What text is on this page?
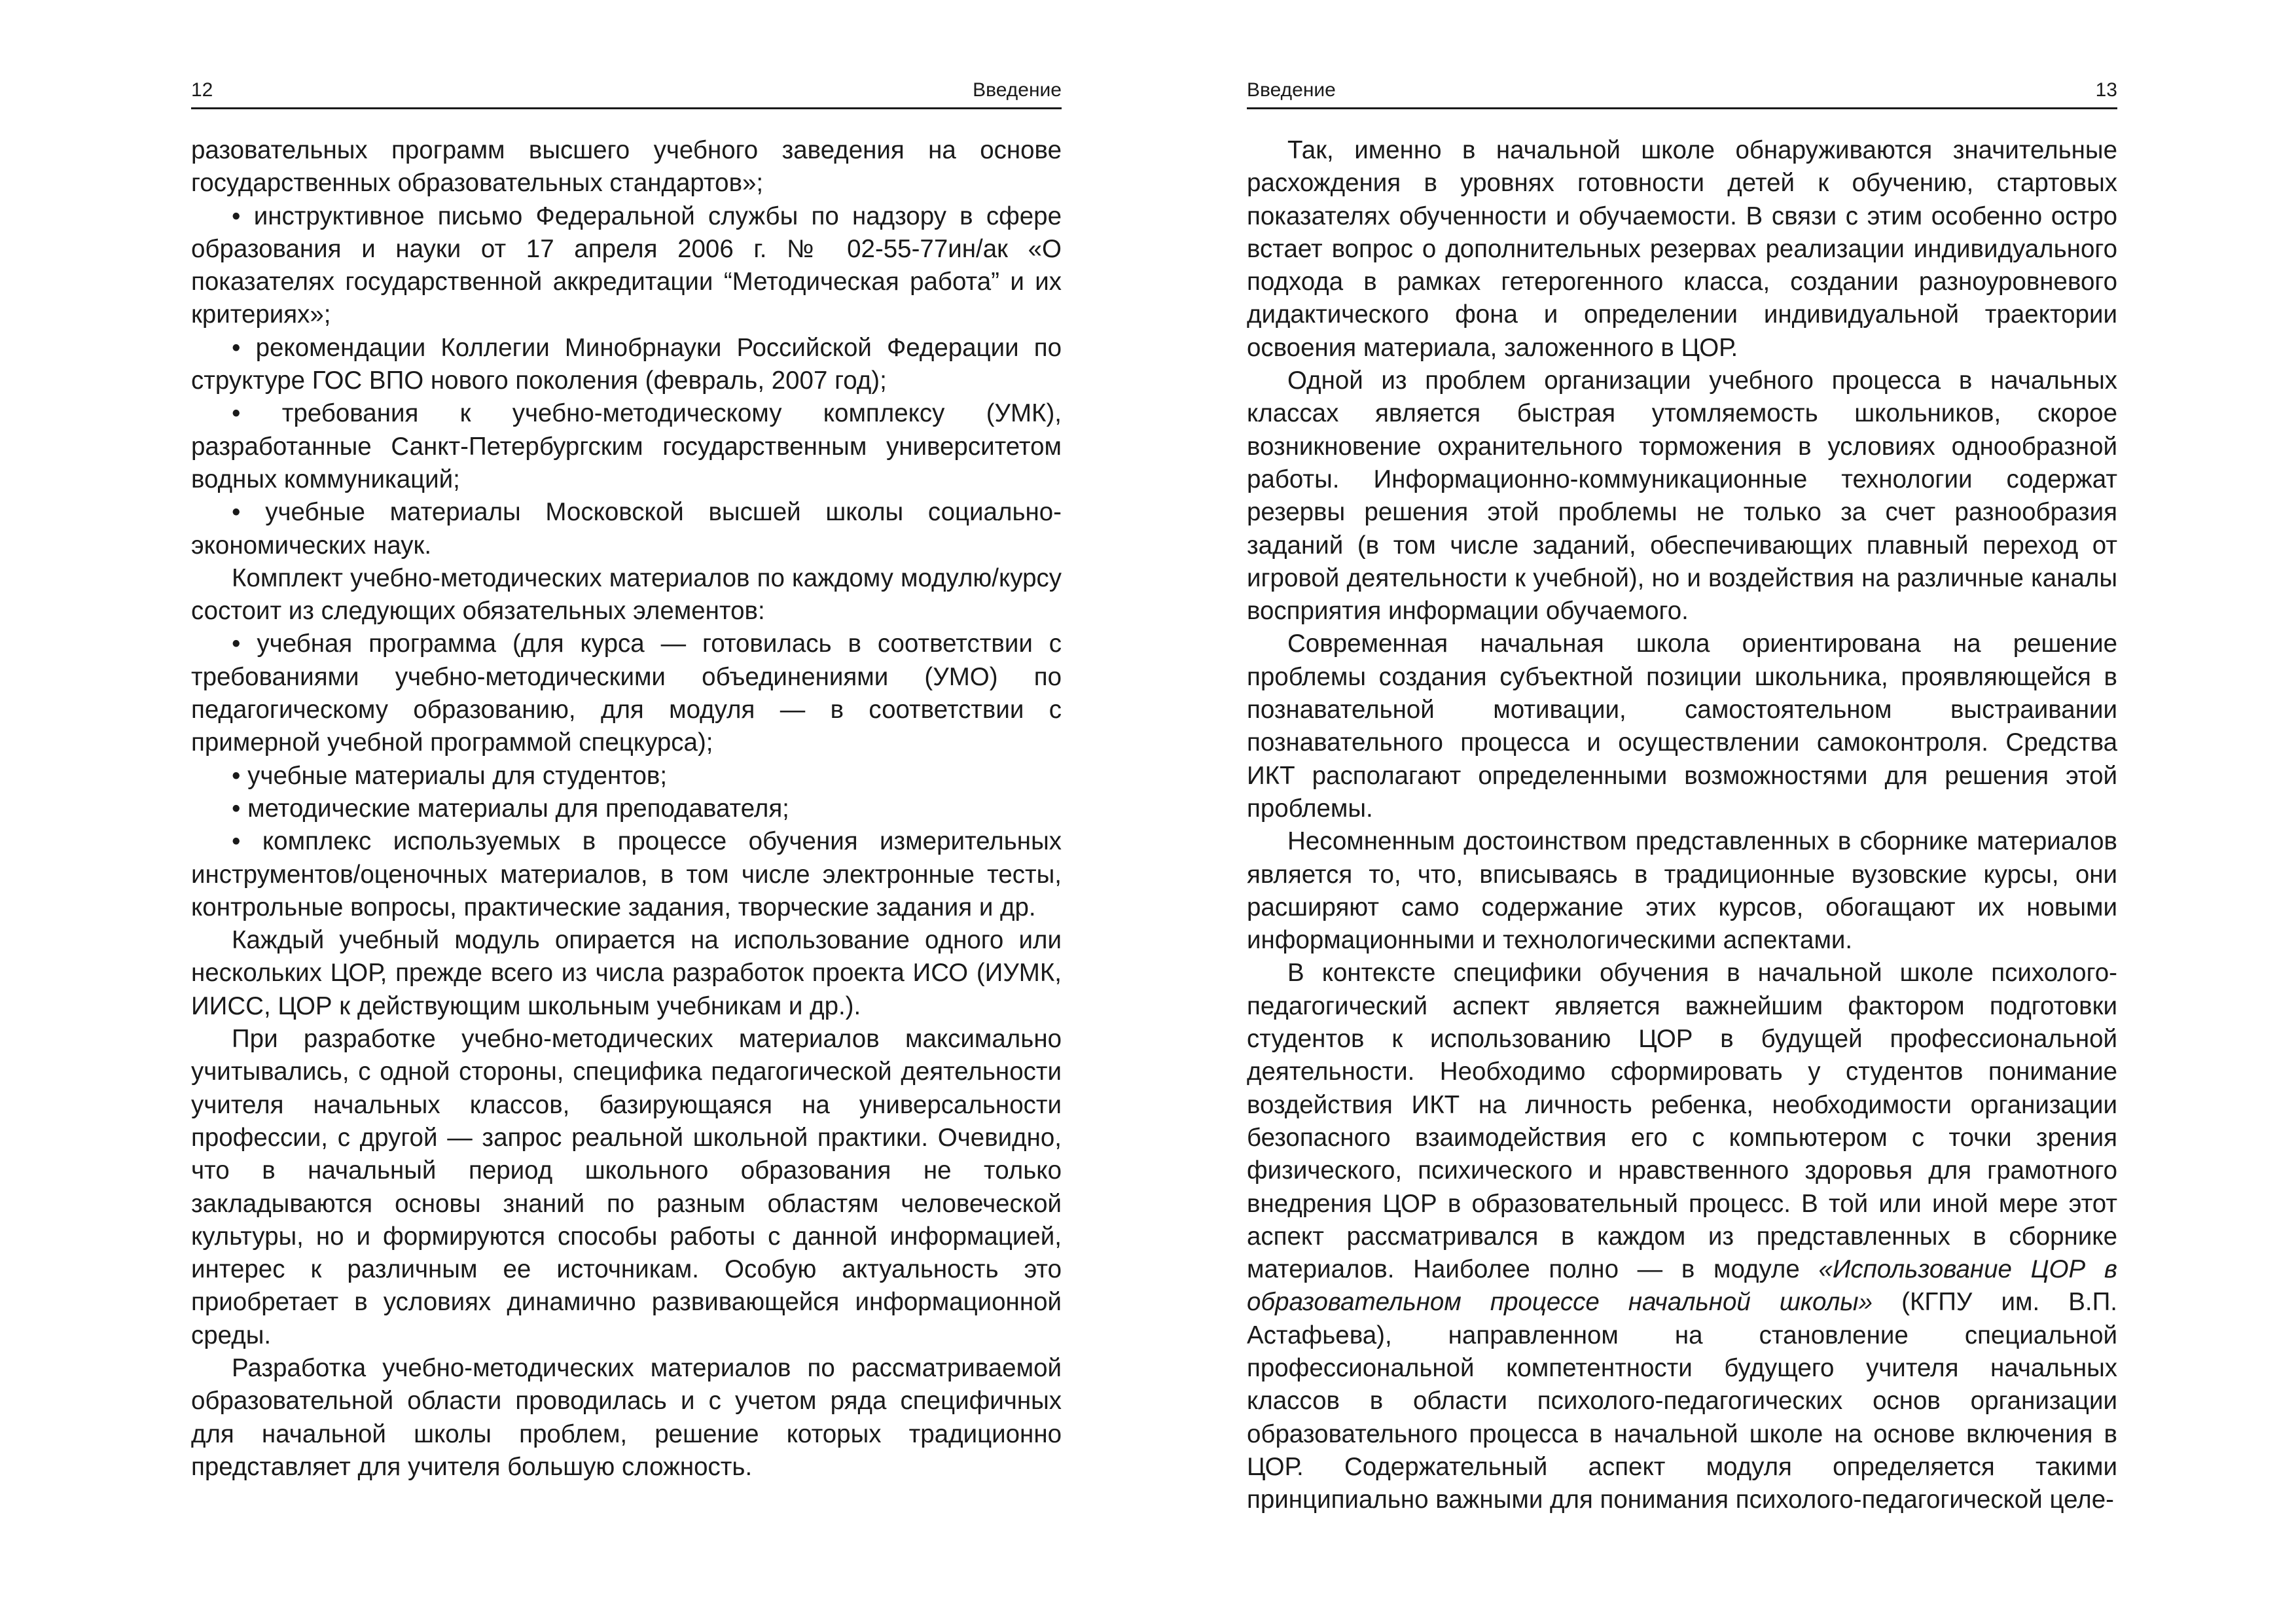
12	Введение

разовательных программ высшего учебного заведения на основе государственных образовательных стандартов»;

• инструктивное письмо Федеральной службы по надзору в сфере образования и науки от 17 апреля 2006 г. № 02-55-77ин/ак «О показателях государственной аккредитации “Методическая работа” и их критериях»;

• рекомендации Коллегии Минобрнауки Российской Федерации по структуре ГОС ВПО нового поколения (февраль, 2007 год);

• требования к учебно-методическому комплексу (УМК), разработанные Санкт-Петербургским государственным университетом водных коммуникаций;

• учебные материалы Московской высшей школы социально-экономических наук.

Комплект учебно-методических материалов по каждому модулю/курсу состоит из следующих обязательных элементов:

• учебная программа (для курса — готовилась в соответствии с требованиями учебно-методическими объединениями (УМО) по педагогическому образованию, для модуля — в соответствии с примерной учебной программой спецкурса);

• учебные материалы для студентов;

• методические материалы для преподавателя;

• комплекс используемых в процессе обучения измерительных инструментов/оценочных материалов, в том числе электронные тесты, контрольные вопросы, практические задания, творческие задания и др.

Каждый учебный модуль опирается на использование одного или нескольких ЦОР, прежде всего из числа разработок проекта ИСО (ИУМК, ИИСС, ЦОР к действующим школьным учебникам и др.).

При разработке учебно-методических материалов максимально учитывались, с одной стороны, специфика педагогической деятельности учителя начальных классов, базирующаяся на универсальности профессии, с другой — запрос реальной школьной практики. Очевидно, что в начальный период школьного образования не только закладываются основы знаний по разным областям человеческой культуры, но и формируются способы работы с данной информацией, интерес к различным ее источникам. Особую актуальность это приобретает в условиях динамично развивающейся информационной среды.

Разработка учебно-методических материалов по рассматриваемой образовательной области проводилась и с учетом ряда специфичных для начальной школы проблем, решение которых традиционно представляет для учителя большую сложность.

Введение	13

Так, именно в начальной школе обнаруживаются значительные расхождения в уровнях готовности детей к обучению, стартовых показателях обученности и обучаемости. В связи с этим особенно остро встает вопрос о дополнительных резервах реализации индивидуального подхода в рамках гетерогенного класса, создании разноуровневого дидактического фона и определении индивидуальной траектории освоения материала, заложенного в ЦОР.

Одной из проблем организации учебного процесса в начальных классах является быстрая утомляемость школьников, скорое возникновение охранительного торможения в условиях однообразной работы. Информационно-коммуникационные технологии содержат резервы решения этой проблемы не только за счет разнообразия заданий (в том числе заданий, обеспечивающих плавный переход от игровой деятельности к учебной), но и воздействия на различные каналы восприятия информации обучаемого.

Современная начальная школа ориентирована на решение проблемы создания субъектной позиции школьника, проявляющейся в познавательной мотивации, самостоятельном выстраивании познавательного процесса и осуществлении самоконтроля. Средства ИКТ располагают определенными возможностями для решения этой проблемы.

Несомненным достоинством представленных в сборнике материалов является то, что, вписываясь в традиционные вузовские курсы, они расширяют само содержание этих курсов, обогащают их новыми информационными и технологическими аспектами.

В контексте специфики обучения в начальной школе психолого-педагогический аспект является важнейшим фактором подготовки студентов к использованию ЦОР в будущей профессиональной деятельности. Необходимо сформировать у студентов понимание воздействия ИКТ на личность ребенка, необходимости организации безопасного взаимодействия его с компьютером с точки зрения физического, психического и нравственного здоровья для грамотного внедрения ЦОР в образовательный процесс. В той или иной мере этот аспект рассматривался в каждом из представленных в сборнике материалов. Наиболее полно — в модуле «Использование ЦОР в образовательном процессе начальной школы» (КГПУ им. В.П. Астафьева), направленном на становление специальной профессиональной компетентности будущего учителя начальных классов в области психолого-педагогических основ организации образовательного процесса в начальной школе на основе включения в ЦОР. Содержательный аспект модуля определяется такими принципиально важными для понимания психолого-педагогической целе-
